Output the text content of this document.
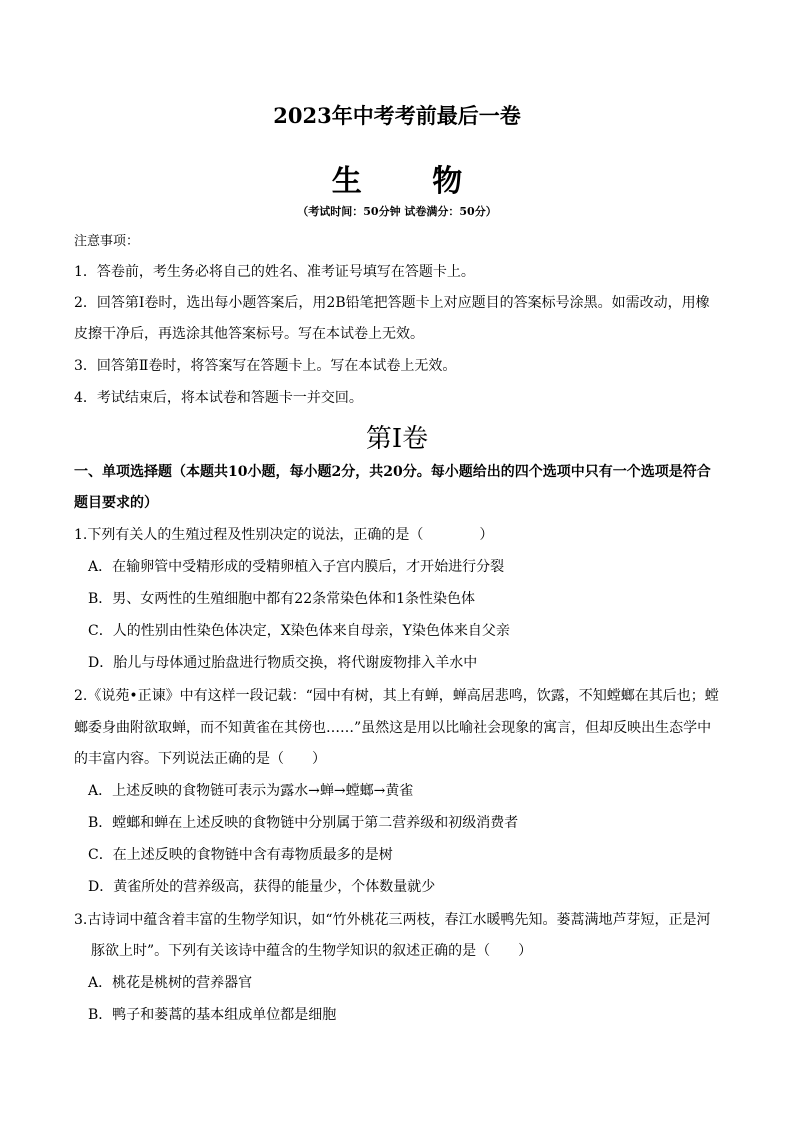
2023年中考考前最后一卷
生 物
（考试时间：50分钟 试卷满分：50分）
注意事项：
1．答卷前，考生务必将自己的姓名、准考证号填写在答题卡上。
2．回答第Ⅰ卷时，选出每小题答案后，用2B铅笔把答题卡上对应题目的答案标号涂黑。如需改动，用橡
皮擦干净后，再选涂其他答案标号。写在本试卷上无效。
3．回答第Ⅱ卷时，将答案写在答题卡上。写在本试卷上无效。
4．考试结束后，将本试卷和答题卡一并交回。
第Ⅰ卷
一、单项选择题（本题共10小题，每小题2分，共20分。每小题给出的四个选项中只有一个选项是符合
题目要求的）
1.下列有关人的生殖过程及性别决定的说法，正确的是（　　　　）
A．在输卵管中受精形成的受精卵植入子宫内膜后，才开始进行分裂
B．男、女两性的生殖细胞中都有22条常染色体和1条性染色体
C．人的性别由性染色体决定，X染色体来自母亲，Y染色体来自父亲
D．胎儿与母体通过胎盘进行物质交换，将代谢废物排入羊水中
2.《说苑•正谏》中有这样一段记载：“园中有树，其上有蝉，蝉高居悲鸣，饮露，不知螳螂在其后也；螳
螂委身曲附欲取蝉，而不知黄雀在其傍也……”虽然这是用以比喻社会现象的寓言，但却反映出生态学中
的丰富内容。下列说法正确的是（　　）
A．上述反映的食物链可表示为露水→蝉→螳螂→黄雀
B．螳螂和蝉在上述反映的食物链中分别属于第二营养级和初级消费者
C．在上述反映的食物链中含有毒物质最多的是树
D．黄雀所处的营养级高，获得的能量少，个体数量就少
3.古诗词中蕴含着丰富的生物学知识，如“竹外桃花三两枝，春江水暖鸭先知。蒌蒿满地芦芽短，正是河
豚欲上时”。下列有关该诗中蕴含的生物学知识的叙述正确的是（　　）
A．桃花是桃树的营养器官
B．鸭子和蒌蒿的基本组成单位都是细胞
